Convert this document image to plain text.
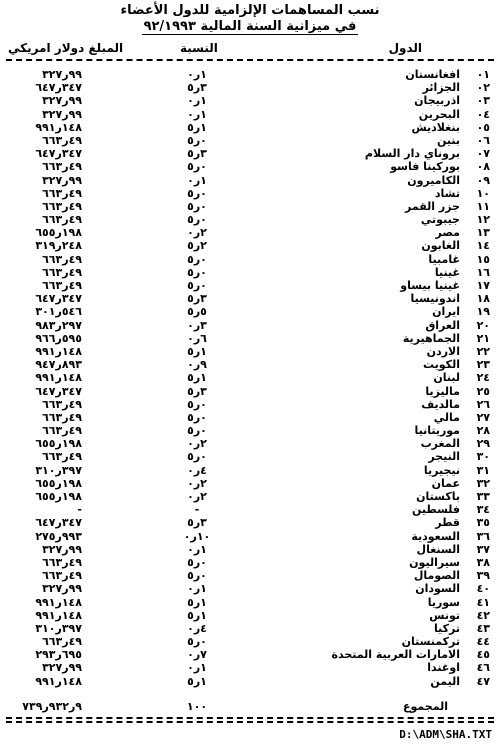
نسب المساهمات الإلزامية للدول الأعضاء
في ميزانية السنة المالية ٩٢/١٩٩٣
الدول
النسبة
المبلغ دولار امريكي
٠١
افغانستان
١ر٠
٩٩ر٣٢٧
٠٢
الجزائر
٣ر٥
٣٤٧ر٦٤٧
٠٣
اذربيجان
١ر٠
٩٩ر٣٢٧
٠٤
البحرين
١ر٠
٩٩ر٣٢٧
٠٥
بنغلاديش
١ر٥
١٤٨ر٩٩١
٠٦
بنين
٠ر٥
٤٩ر٦٦٣
٠٧
بروناي دار السلام
٣ر٥
٣٤٧ر٦٤٧
٠٨
بوركينا فاسو
٠ر٥
٤٩ر٦٦٣
٠٩
الكاميرون
١ر٠
٩٩ر٣٢٧
١٠
تشاد
٠ر٥
٤٩ر٦٦٣
١١
جزر القمر
٠ر٥
٤٩ر٦٦٣
١٢
جيبوتي
٠ر٥
٤٩ر٦٦٣
١٣
مصر
٢ر٠
١٩٨ر٦٥٥
١٤
الغابون
٢ر٥
٢٤٨ر٣١٩
١٥
غامبيا
٠ر٥
٤٩ر٦٦٣
١٦
غينيا
٠ر٥
٤٩ر٦٦٣
١٧
غينيا بيساو
٠ر٥
٤٩ر٦٦٣
١٨
اندونيسيا
٣ر٥
٣٤٧ر٦٤٧
١٩
ايران
٥ر٥
٥٤٦ر٣٠١
٢٠
العراق
٣ر٠
٢٩٧ر٩٨٣
٢١
الجماهيرية
٦ر٠
٥٩٥ر٩٦٦
٢٢
الاردن
١ر٥
١٤٨ر٩٩١
٢٣
الكويت
٩ر٠
٨٩٣ر٩٤٧
٢٤
لبنان
١ر٥
١٤٨ر٩٩١
٢٥
ماليزيا
٣ر٥
٣٤٧ر٦٤٧
٢٦
مالديف
٠ر٥
٤٩ر٦٦٣
٢٧
مالي
٠ر٥
٤٩ر٦٦٣
٢٨
موريتانيا
٠ر٥
٤٩ر٦٦٣
٢٩
المغرب
٢ر٠
١٩٨ر٦٥٥
٣٠
النيجر
٠ر٥
٤٩ر٦٦٣
٣١
نيجيريا
٤ر٠
٣٩٧ر٣١٠
٣٢
عمان
٢ر٠
١٩٨ر٦٥٥
٣٣
باكستان
٢ر٠
١٩٨ر٦٥٥
٣٤
فلسطين
-
-
٣٥
قطر
٣ر٥
٣٤٧ر٦٤٧
٣٦
السعودية
١٠ر٠
٩٩٣ر٢٧٥
٣٧
السنغال
١ر٠
٩٩ر٣٢٧
٣٨
سيراليون
٠ر٥
٤٩ر٦٦٣
٣٩
الصومال
٠ر٥
٤٩ر٦٦٣
٤٠
السودان
١ر٠
٩٩ر٣٢٧
٤١
سوريا
١ر٥
١٤٨ر٩٩١
٤٢
تونس
١ر٥
١٤٨ر٩٩١
٤٣
تركيا
٤ر٠
٣٩٧ر٣١٠
٤٤
تركمنستان
٠ر٥
٤٩ر٦٦٣
٤٥
الامارات العربية المتحدة
٧ر٠
٦٩٥ر٢٩٣
٤٦
اوغندا
١ر٠
٩٩ر٣٢٧
٤٧
اليمن
١ر٥
١٤٨ر٩٩١
المجموع
١٠٠
٩ر٩٣٢ر٧٣٩
D:\ADM\SHA.TXT
